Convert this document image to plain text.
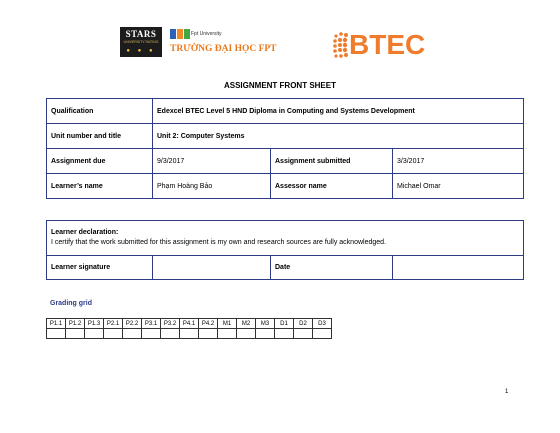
STARS
UNIVERSITY RATING
● ● ●
Fpt University
TRƯỜNG ĐẠI HỌC FPT	BTEC
ASSIGNMENT FRONT SHEET
Qualification	Edexcel BTEC Level 5 HND Diploma in Computing and Systems Development		
Unit number and title	Unit 2: Computer Systems		
Assignment due	9/3/2017	Assignment submitted	3/3/2017
Learner’s name	Phạm Hoàng Bảo	Assessor name	Michael Omar
Learner declaration:
I certify that the work submitted for this assignment is my own and research sources are fully acknowledged.

Learner signature		Date	
Grading grid
P1.1	P1.2	P1.3	P2.1	P2.2	P3.1	P3.2	P4.1	P4.2	M1	M2	M3	D1	D2	D3

1
